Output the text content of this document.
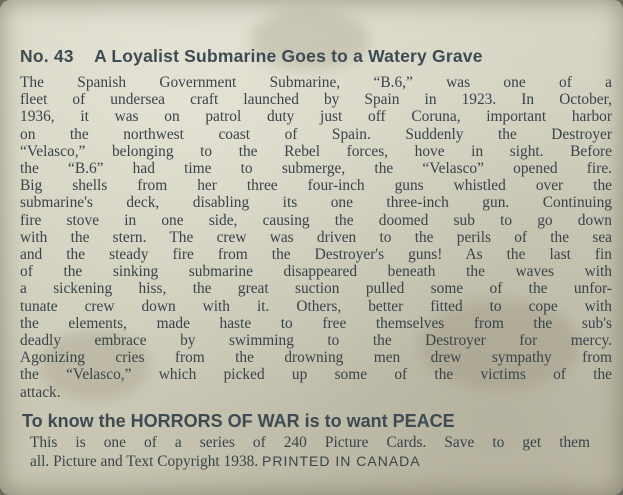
No. 43 A Loyalist Submarine Goes to a Watery Grave
The Spanish Government Submarine, “B.6,” was one of a
fleet of undersea craft launched by Spain in 1923. In October,
1936, it was on patrol duty just off Coruna, important harbor
on the northwest coast of Spain. Suddenly the Destroyer
“Velasco,” belonging to the Rebel forces, hove in sight. Before
the “B.6” had time to submerge, the “Velasco” opened fire.
Big shells from her three four-inch guns whistled over the
submarine's deck, disabling its one three-inch gun. Continuing
fire stove in one side, causing the doomed sub to go down
with the stern. The crew was driven to the perils of the sea
and the steady fire from the Destroyer's guns! As the last fin
of the sinking submarine disappeared beneath the waves with
a sickening hiss, the great suction pulled some of the unfor-
tunate crew down with it. Others, better fitted to cope with
the elements, made haste to free themselves from the sub's
deadly embrace by swimming to the Destroyer for mercy.
Agonizing cries from the drowning men drew sympathy from
the “Velasco,” which picked up some of the victims of the
attack.
To know the HORRORS OF WAR is to want PEACE
This is one of a series of 240 Picture Cards. Save to get them
all. Picture and Text Copyright 1938. PRINTED IN CANADA
